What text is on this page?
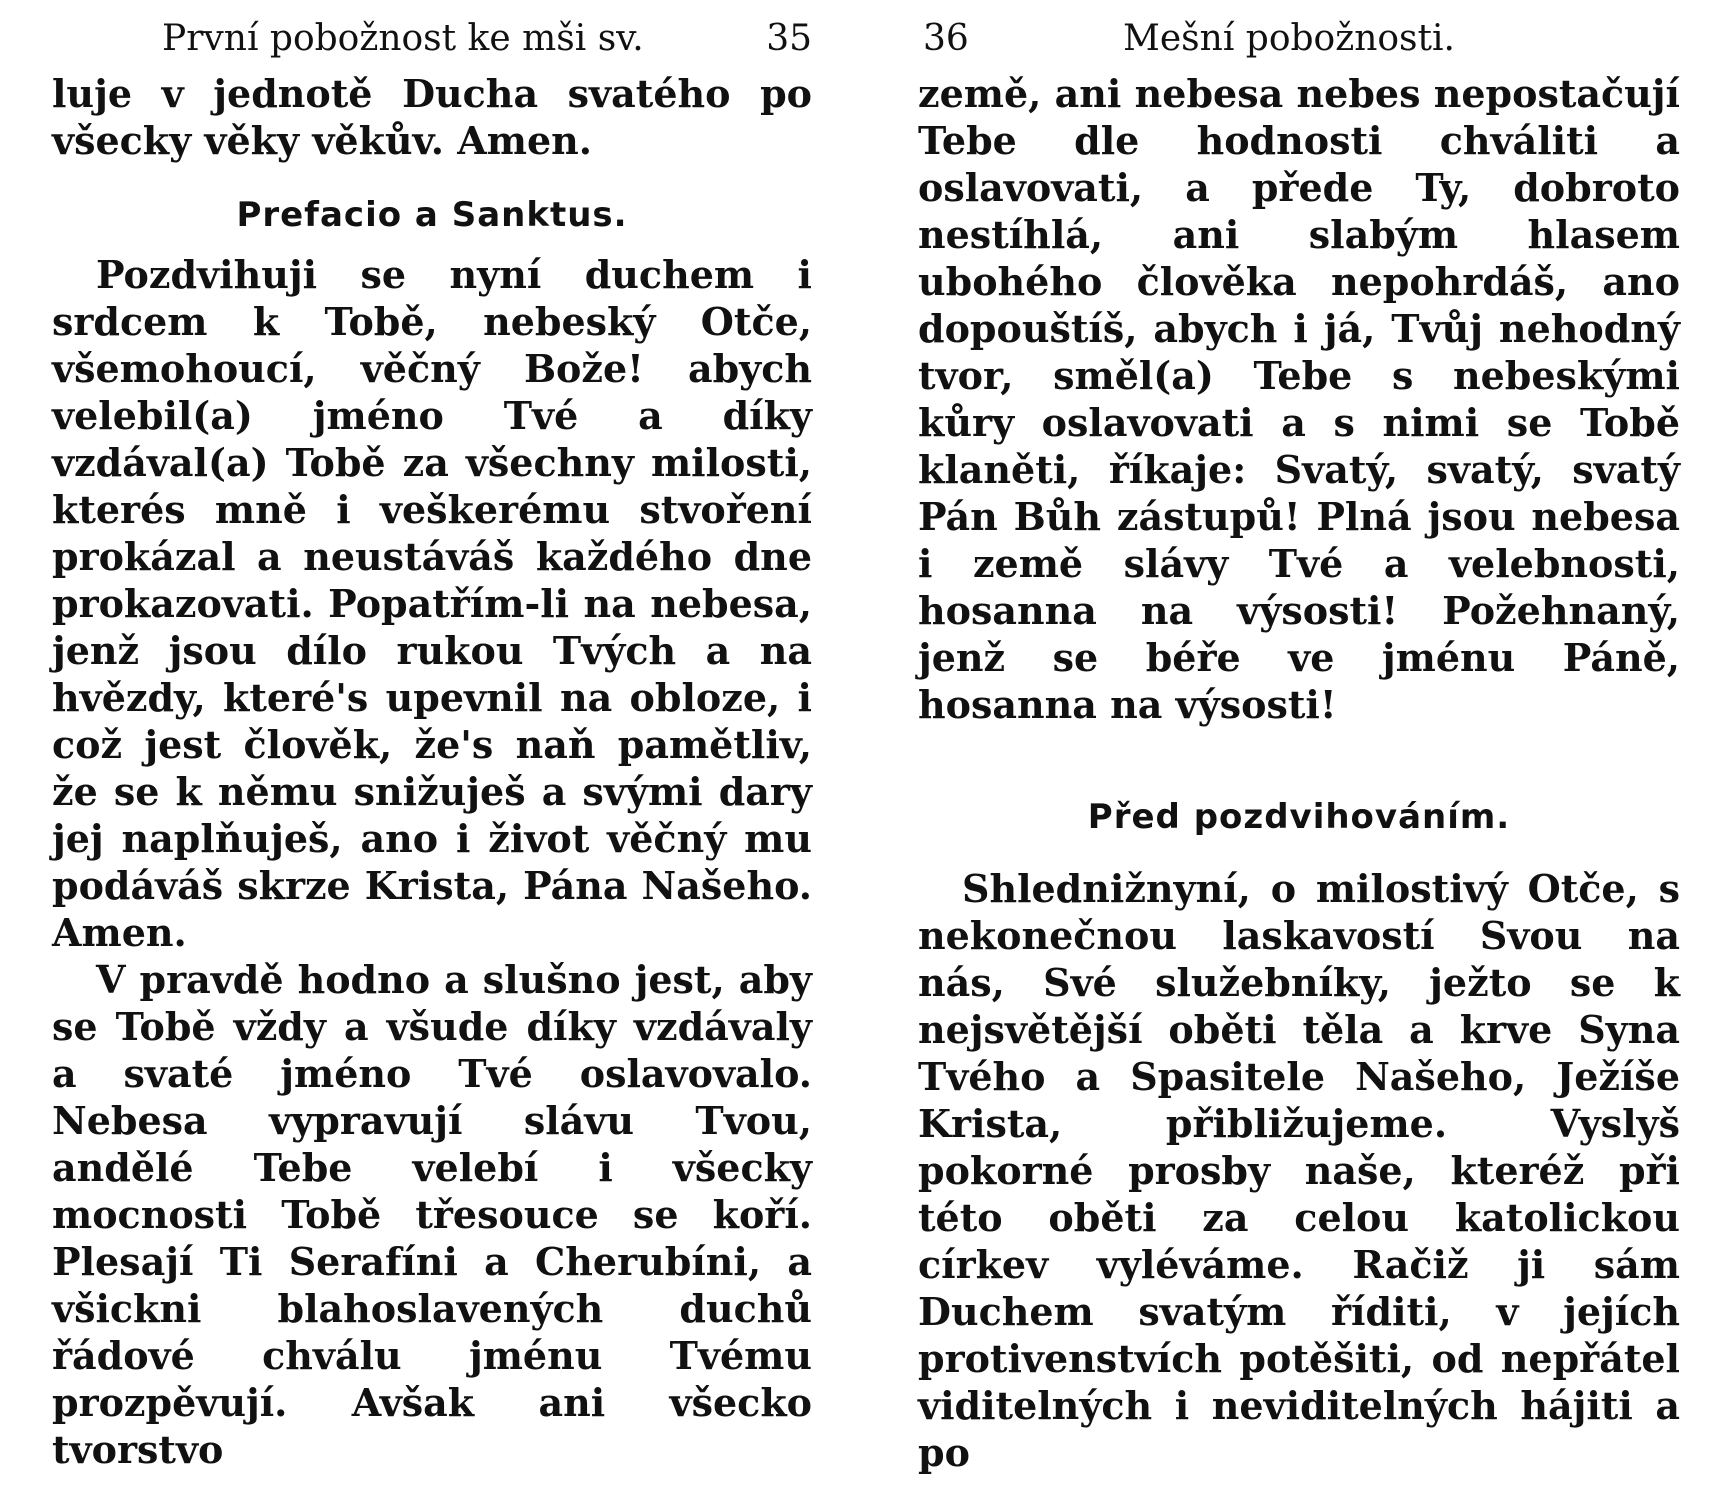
První pobožnost ke mši sv.	35

luje v jednotě Ducha svatého po všecky věky věkův. Amen.

Prefacio a Sanktus.

Pozdvihuji se nyní duchem i srdcem k Tobě, nebeský Otče, všemohoucí, věčný Bože! abych velebil(a) jméno Tvé a díky vzdával(a) Tobě za všechny milosti, kterés mně i veškerému stvoření prokázal a neustáváš každého dne prokazovati. Popatřím-li na nebesa, jenž jsou dílo rukou Tvých a na hvězdy, které's upevnil na obloze, i což jest člověk, že's naň pamětliv, že se k němu snižuješ a svými dary jej naplňuješ, ano i život věčný mu podáváš skrze Krista, Pána Našeho. Amen.

V pravdě hodno a slušno jest, aby se Tobě vždy a všude díky vzdávaly a svaté jméno Tvé oslavovalo. Nebesa vypravují slávu Tvou, andělé Tebe velebí i všecky mocnosti Tobě třesouce se koří. Plesají Ti Serafíni a Cherubíni, a všickni blahoslavených duchů řádové chválu jménu Tvému prozpěvují. Avšak ani všecko tvorstvo

36	Mešní pobožnosti.

země, ani nebesa nebes nepostačují Tebe dle hodnosti chváliti a oslavovati, a přede Ty, dobroto nestíhlá, ani slabým hlasem ubohého člověka nepohrdáš, ano dopouštíš, abych i já, Tvůj nehodný tvor, směl(a) Tebe s nebeskými kůry oslavovati a s nimi se Tobě klaněti, říkaje: Svatý, svatý, svatý Pán Bůh zástupů! Plná jsou nebesa i země slávy Tvé a velebnosti, hosanna na výsosti! Požehnaný, jenž se béře ve jménu Páně, hosanna na výsosti!

Před pozdvihováním.

Shlednižnyní, o milostivý Otče, s nekonečnou laskavostí Svou na nás, Své služebníky, ježto se k nejsvětější oběti těla a krve Syna Tvého a Spasitele Našeho, Ježíše Krista, přibližujeme. Vyslyš pokorné prosby naše, kteréž při této oběti za celou katolickou církev vyléváme. Račiž ji sám Duchem svatým říditi, v jejích protivenstvích potěšiti, od nepřátel viditelných i neviditelných hájiti a po
